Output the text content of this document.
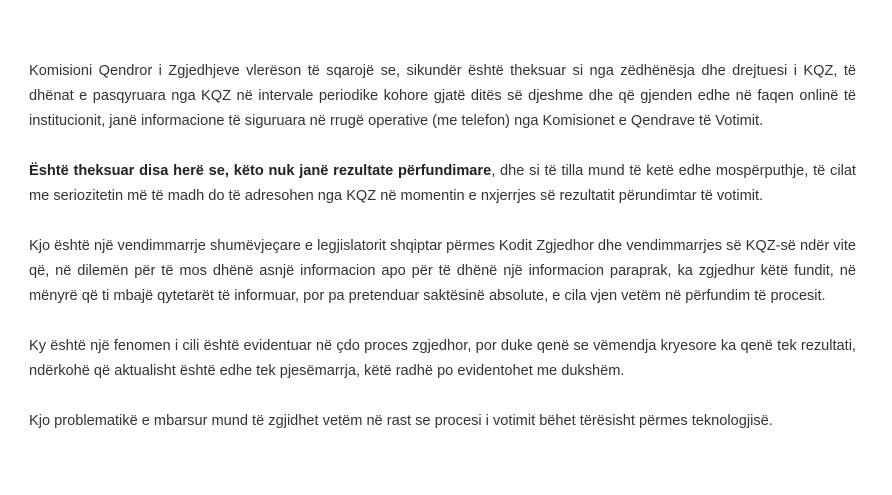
Komisioni Qendror i Zgjedhjeve vlerëson të sqarojë se, sikundër është theksuar si nga zëdhënësja dhe drejtuesi i KQZ, të dhënat e pasqyruara nga KQZ në intervale periodike kohore gjatë ditës së djeshme dhe që gjenden edhe në faqen onlinë të institucionit, janë informacione të siguruara në rrugë operative (me telefon) nga Komisionet e Qendrave të Votimit.

Është theksuar disa herë se, këto nuk janë rezultate përfundimare, dhe si të tilla mund të ketë edhe mospërputhje, të cilat me seriozitetin më të madh do të adresohen nga KQZ në momentin e nxjerrjes së rezultatit përundimtar të votimit.

Kjo është një vendimmarrje shumëvjeçare e legjislatorit shqiptar përmes Kodit Zgjedhor dhe vendimmarrjes së KQZ-së ndër vite që, në dilemën për të mos dhënë asnjë informacion apo për të dhënë një informacion paraprak, ka zgjedhur këtë fundit, në mënyrë që ti mbajë qytetarët të informuar, por pa pretenduar saktësinë absolute, e cila vjen vetëm në përfundim të procesit.

Ky është një fenomen i cili është evidentuar në çdo proces zgjedhor, por duke qenë se vëmendja kryesore ka qenë tek rezultati, ndërkohë që aktualisht është edhe tek pjesëmarrja, këtë radhë po evidentohet me dukshëm.

Kjo problematikë e mbarsur mund të zgjidhet vetëm në rast se procesi i votimit bëhet tërësisht përmes teknologjisë.
